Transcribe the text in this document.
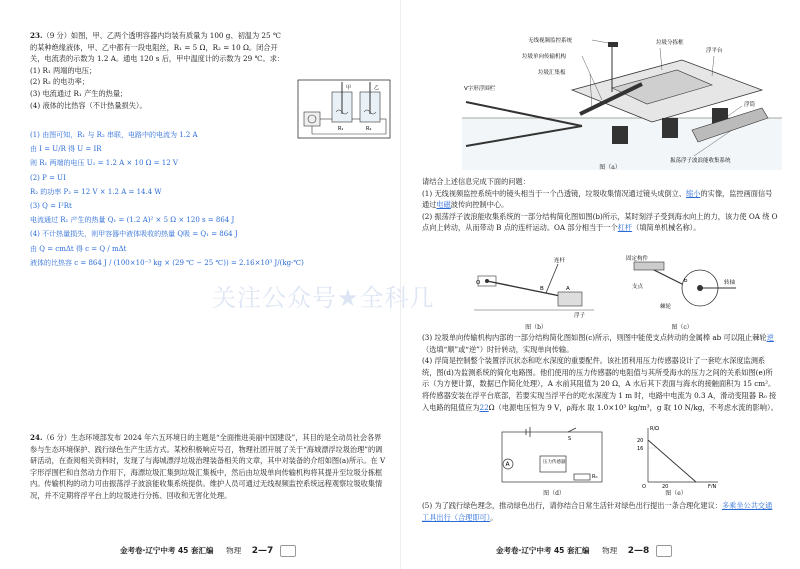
23.（9 分）如图，甲、乙两个透明容器内均装有质量为 100 g、初温为 25 ℃的某种绝缘液体，甲、乙中都有一段电阻丝，R₁ = 5 Ω，R₂ = 10 Ω。闭合开关，电流表的示数为 1.2 A。通电 120 s 后，甲中温度计的示数为 29 ℃。求：

(1) R₁ 两端的电压；

(2) R₂ 的电功率；

(3) 电流通过 R₁ 产生的热量；

(4) 液体的比热容（不计热量损失）。

甲	乙
R₁	R₂

(1) 由图可知，R₁ 与 R₂ 串联，电路中的电流为 1.2 A

由 I = U/R 得 U = IR

则 R₁ 两端的电压 U₁ = 1.2 A × 10 Ω = 12 V

(2) P = UI

R₂ 的功率 P₂ = 12 V × 1.2 A = 14.4 W

(3) Q = I²Rt

电流通过 R₁ 产生的热量 Q₁ = (1.2 A)² × 5 Ω × 120 s = 864 J

(4) 不计热量损失，则甲容器中液体吸收的热量 Q吸 = Q₁ = 864 J

由 Q = cmΔt 得 c = Q / mΔt

液体的比热容 c = 864 J / (100×10⁻³ kg × (29 ℃ − 25 ℃)) = 2.16×10³ J/(kg·℃)

24.（6 分）生态环境部发布 2024 年六五环境日的主题是“全面推进美丽中国建设”，其目的是全动员社会各界参与生态环境保护、践行绿色生产生活方式。某校积极响应号召，物理社团开展了关于“海城漂浮垃圾治理”的调研活动，在查阅相关资料时，发现了与海城漂浮垃圾治理装备相关的文章，其中对装备的介绍如图(a)所示。在 V 字形浮围栏和自然动力作用下，海漂垃圾汇集到垃圾汇集板中，然后由垃圾单向传输机构将其提升至垃圾分拣框内。传输机构的动力可由振荡浮子波浪能收集系统提供。维护人员可通过无线视频监控系统远程观察垃圾收集情况，并不定期将浮平台上的垃圾进行分拣、回收和无害化处理。

金考卷·辽宁中考 45 套汇编 物理 2—7
无线视频监控系统
垃圾单向传输机构
垃圾汇集板
V字形浮围栏
垃圾分拣框
浮平台
浮筒
振荡浮子波浪能收集系统
图（a）

请结合上述信息完成下面的问题：

(1) 无线视频监控系统中的镜头相当于一个凸透镜，垃圾收集情况通过镜头成倒立、缩小的实像，监控画面信号通过电磁波传向控制中心。

(2) 振荡浮子波浪能收集系统的一部分结构简化图如图(b)所示，某时刻浮子受到海水向上的力，该力使 OA 绕 O 点向上转动，从而带动 B 点的连杆运动。OA 部分相当于一个杠杆（填简单机械名称）。

连杆
A
B
O
浮子
图（b）
固定构件
支点
转轴
棘轮
b
图（c）

(3) 垃圾单向传输机构内部的一部分结构简化图如图(c)所示，则图中能使支点转动的金属棒 ab 可以阻止棘轮逆（选填“顺”或“逆”）时针转动，实现单向传输。

(4) 浮筒是控制整个装置浮沉状态和吃水深度的重要配件。该社团利用压力传感器设计了一套吃水深度监测系统，图(d)为监测系统的简化电路图。他们使用的压力传感器的电阻值与其所受海水的压力之间的关系如图(e)所示（为方便计算，数据已作简化处理），A 水前其阻值为 20 Ω，A 水后其下表面与海水的接触面积为 15 cm²。将传感器安装在浮平台底部，若要实现当浮平台的吃水深度为 1 m 时，电路中电流为 0.3 A，滑动变阻器 R₀ 接入电路的阻值应为22Ω（电源电压恒为 9 V，ρ海水 取 1.0×10³ kg/m³，g 取 10 N/kg，不考虑水流的影响）。

A	压力传感器
R₀
S
图（d）
R/Ω
F/N
20
16
O	20
图（e）

(5) 为了践行绿色理念，推动绿色出行，请你结合日常生活针对绿色出行提出一条合理化建议：多乘坐公共交通工具出行（合理即可）。

金考卷·辽宁中考 45 套汇编 物理 2—8
关注公众号★全科几
